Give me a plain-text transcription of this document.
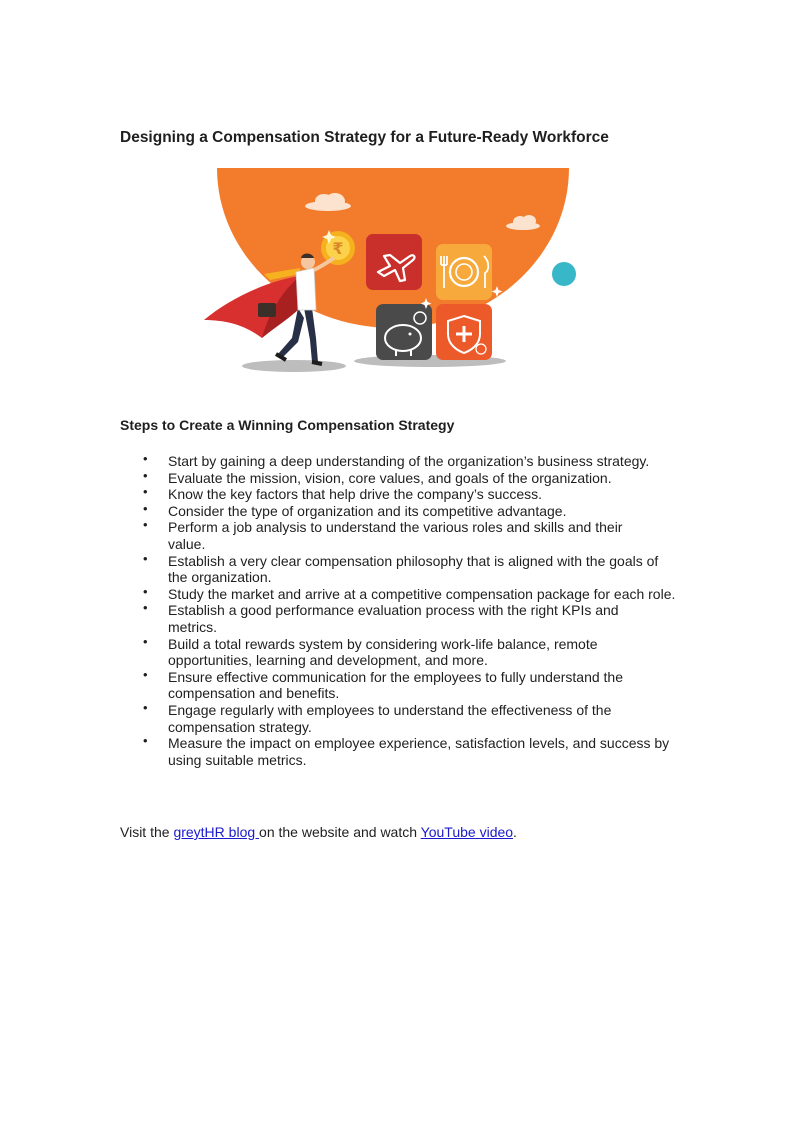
Designing a Compensation Strategy for a Future-Ready Workforce
₹
Steps to Create a Winning Compensation Strategy
• Start by gaining a deep understanding of the organization’s business strategy.
• Evaluate the mission, vision, core values, and goals of the organization.
• Know the key factors that help drive the company’s success.
• Consider the type of organization and its competitive advantage.
• Perform a job analysis to understand the various roles and skills and their value.
• Establish a very clear compensation philosophy that is aligned with the goals of the organization.
• Study the market and arrive at a competitive compensation package for each role.
• Establish a good performance evaluation process with the right KPIs and metrics.
• Build a total rewards system by considering work-life balance, remote opportunities, learning and development, and more.
• Ensure effective communication for the employees to fully understand the compensation and benefits.
• Engage regularly with employees to understand the effectiveness of the compensation strategy.
• Measure the impact on employee experience, satisfaction levels, and success by using suitable metrics.

Visit the greytHR blog on the website and watch YouTube video.
